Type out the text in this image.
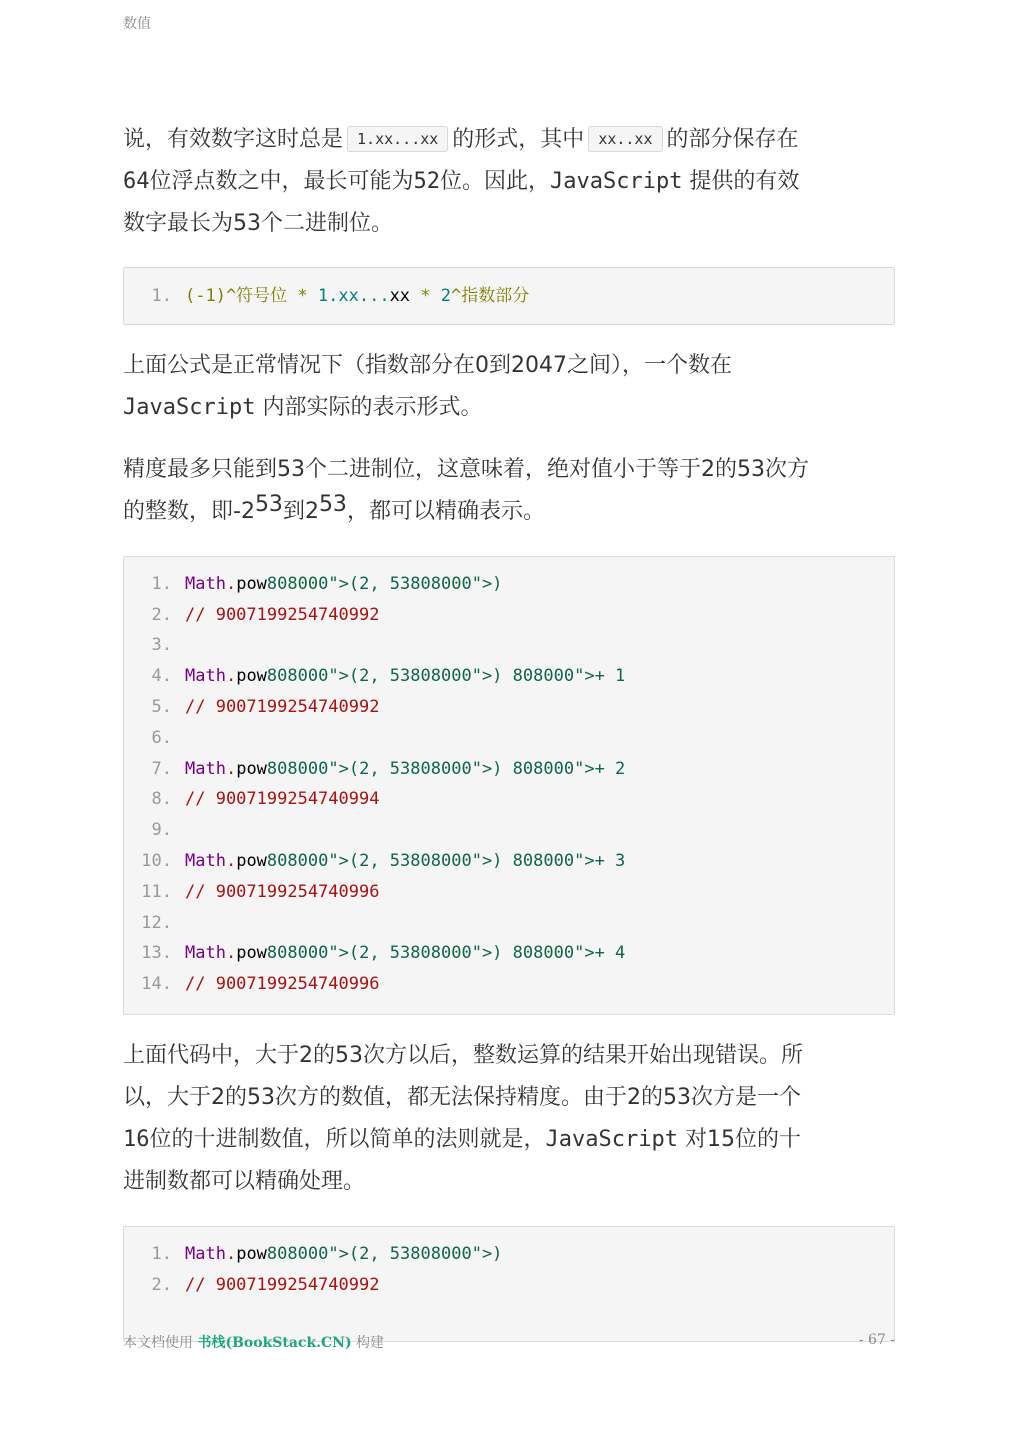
数值

说，有效数字这时总是 1.xx...xx 的形式，其中 xx..xx 的部分保存在
64位浮点数之中，最长可能为52位。因此，JavaScript 提供的有效
数字最长为53个二进制位。

1. (-1)^符号位 * 1.xx... xx * 2 ^指数部分

上面公式是正常情况下（指数部分在0到2047之间），一个数在
JavaScript 内部实际的表示形式。

精度最多只能到53个二进制位，这意味着，绝对值小于等于2的53次方
的整数，即$-2^{53}$到$2^{53}$，都可以精确表示。

1. Math . pow 808000">(2, 53808000">)
2. // 9007199254740992
3.
4. Math . pow 808000">(2, 53808000">) 808000">+ 1
5. // 9007199254740992
6.
7. Math . pow 808000">(2, 53808000">) 808000">+ 2
8. // 9007199254740994
9.
10. Math . pow 808000">(2, 53808000">) 808000">+ 3
11. // 9007199254740996
12.
13. Math . pow 808000">(2, 53808000">) 808000">+ 4
14. // 9007199254740996

上面代码中，大于2的53次方以后，整数运算的结果开始出现错误。所
以，大于2的53次方的数值，都无法保持精度。由于2的53次方是一个
16位的十进制数值，所以简单的法则就是，JavaScript 对15位的十
进制数都可以精确处理。

1. Math . pow 808000">(2, 53808000">)
2. // 9007199254740992
本文档使用 书栈(BookStack.CN) 构建	- 67 -
